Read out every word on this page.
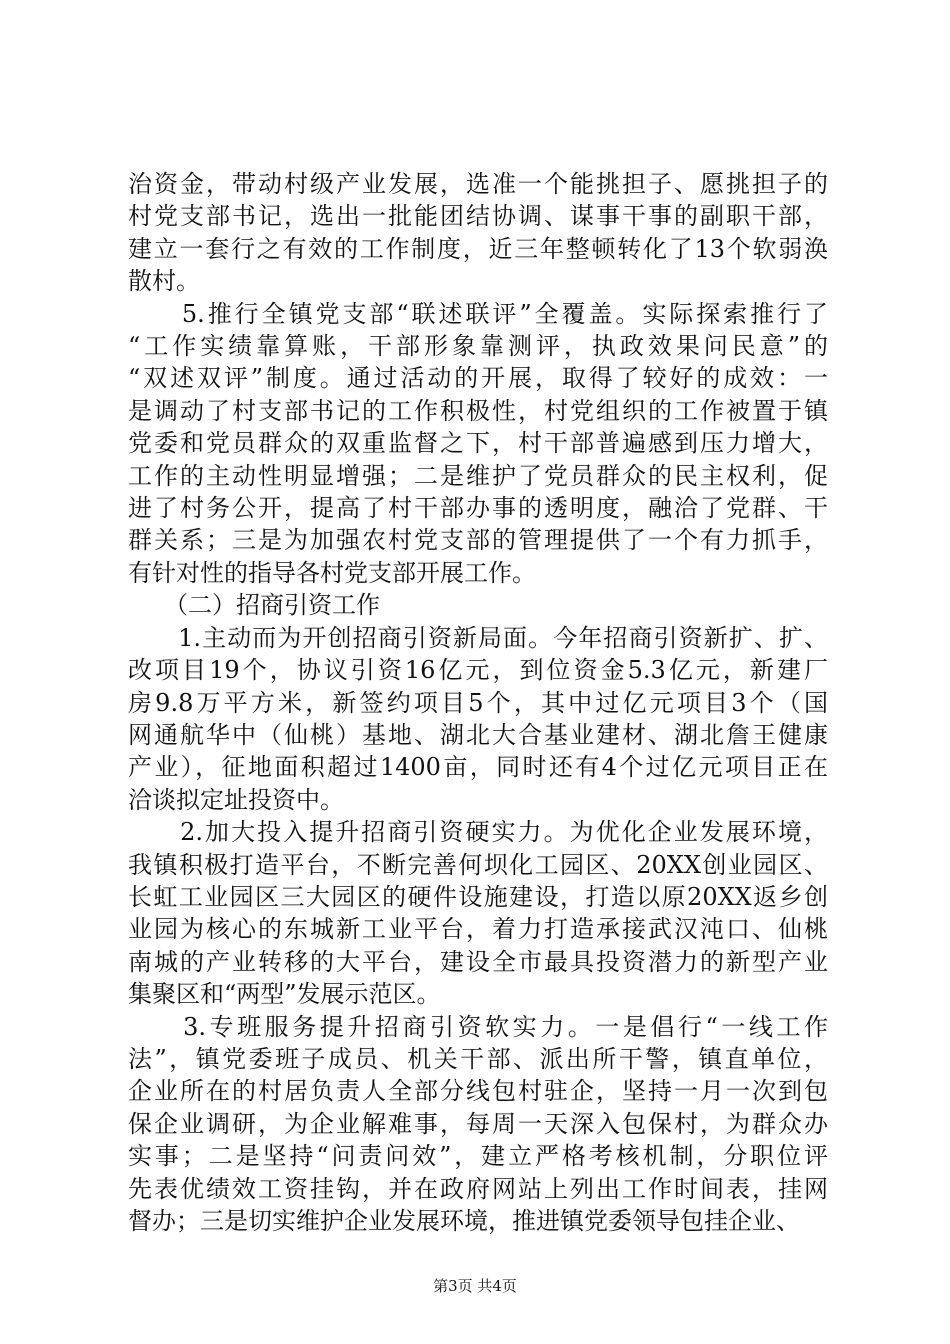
治资金，带动村级产业发展，选准一个能挑担子、愿挑担子的
村党支部书记，选出一批能团结协调、谋事干事的副职干部，
建立一套行之有效的工作制度，近三年整顿转化了13个软弱涣
散村。
　　5.推行全镇党支部“联述联评”全覆盖。实际探索推行了
“工作实绩靠算账，干部形象靠测评，执政效果问民意”的
“双述双评”制度。通过活动的开展，取得了较好的成效：一
是调动了村支部书记的工作积极性，村党组织的工作被置于镇
党委和党员群众的双重监督之下，村干部普遍感到压力增大，
工作的主动性明显增强；二是维护了党员群众的民主权利，促
进了村务公开，提高了村干部办事的透明度，融洽了党群、干
群关系；三是为加强农村党支部的管理提供了一个有力抓手，
有针对性的指导各村党支部开展工作。
　　（二）招商引资工作
　　1.主动而为开创招商引资新局面。今年招商引资新扩、扩、
改项目19个，协议引资16亿元，到位资金5.3亿元，新建厂
房9.8万平方米，新签约项目5个，其中过亿元项目3个（国
网通航华中（仙桃）基地、湖北大合基业建材、湖北詹王健康
产业），征地面积超过1400亩，同时还有4个过亿元项目正在
洽谈拟定址投资中。
　　2.加大投入提升招商引资硬实力。为优化企业发展环境，
我镇积极打造平台，不断完善何坝化工园区、20XX创业园区、
长虹工业园区三大园区的硬件设施建设，打造以原20XX返乡创
业园为核心的东城新工业平台，着力打造承接武汉沌口、仙桃
南城的产业转移的大平台，建设全市最具投资潜力的新型产业
集聚区和“两型”发展示范区。
　　3.专班服务提升招商引资软实力。一是倡行“一线工作
法”，镇党委班子成员、机关干部、派出所干警，镇直单位，
企业所在的村居负责人全部分线包村驻企，坚持一月一次到包
保企业调研，为企业解难事，每周一天深入包保村，为群众办
实事；二是坚持“问责问效”，建立严格考核机制，分职位评
先表优绩效工资挂钩，并在政府网站上列出工作时间表，挂网
督办；三是切实维护企业发展环境，推进镇党委领导包挂企业、
第3页 共4页
